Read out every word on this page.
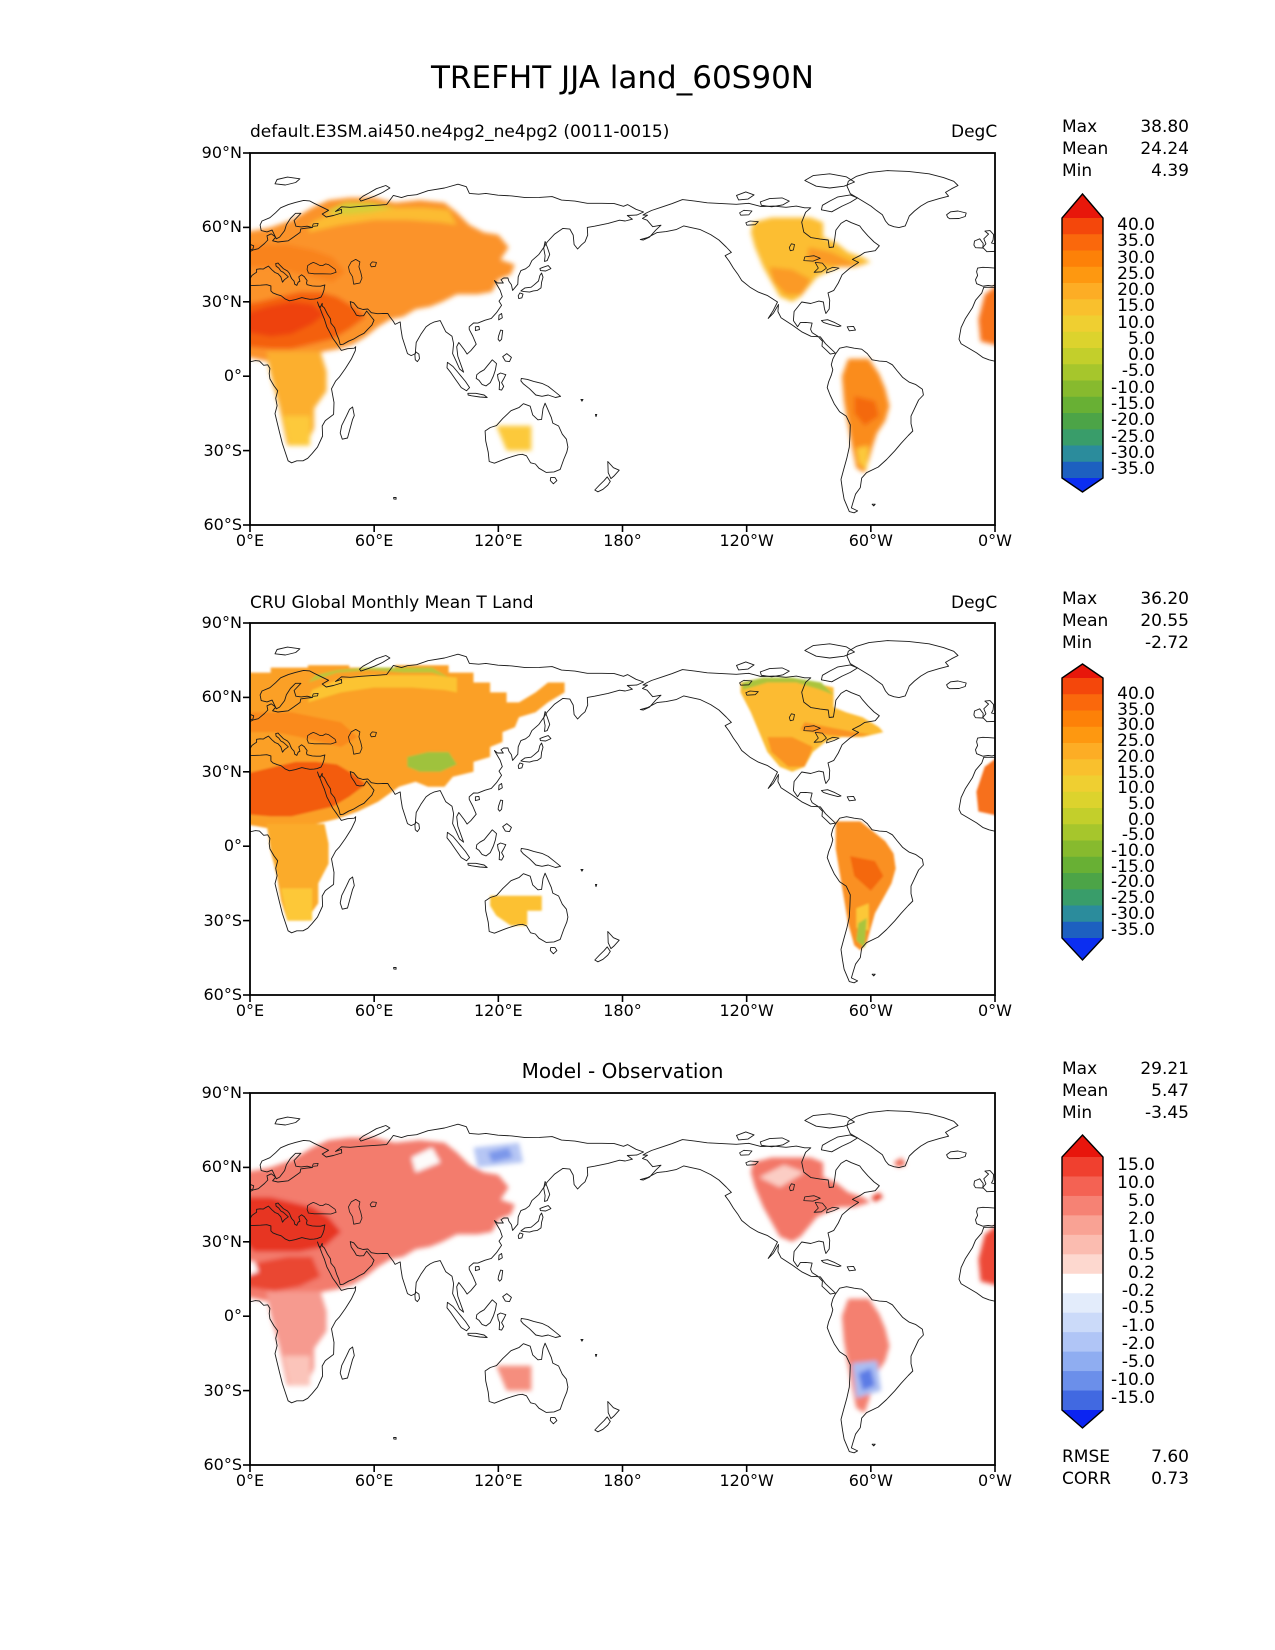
TREFHT JJA land_60S90N
default.E3SM.ai450.ne4pg2_ne4pg2 (0011-0015)	DegC
CRU Global Monthly Mean T Land	DegC
Model - Observation
0°E	60°E	120°E	180°	120°W	60°W	0°W
90°N
60°N
30°N
0°
30°S
60°S
40.0
35.0
30.0
25.0
20.0
15.0
10.0
5.0
0.0
-5.0
-10.0
-15.0
-20.0
-25.0
-30.0
-35.0
Max	38.80
Mean 24.24
Min	4.39
0°E	60°E	120°E	180°	120°W	60°W	0°W
90°N
60°N
30°N
0°
30°S
60°S
40.0
35.0
30.0
25.0
20.0
15.0
10.0
5.0
0.0
-5.0
-10.0
-15.0
-20.0
-25.0
-30.0
-35.0
Max	36.20
Mean 20.55
Min	-2.72
0°E	60°E	120°E	180°	120°W	60°W	0°W
90°N
60°N
30°N
0°
30°S
60°S
15.0
10.0
5.0
2.0
1.0
0.5
0.2
-0.2
-0.5
-1.0
-2.0
-5.0
-10.0
-15.0
Max	29.21
Mean	5.47
Min	-3.45
RMSE 7.60
CORR 0.73
